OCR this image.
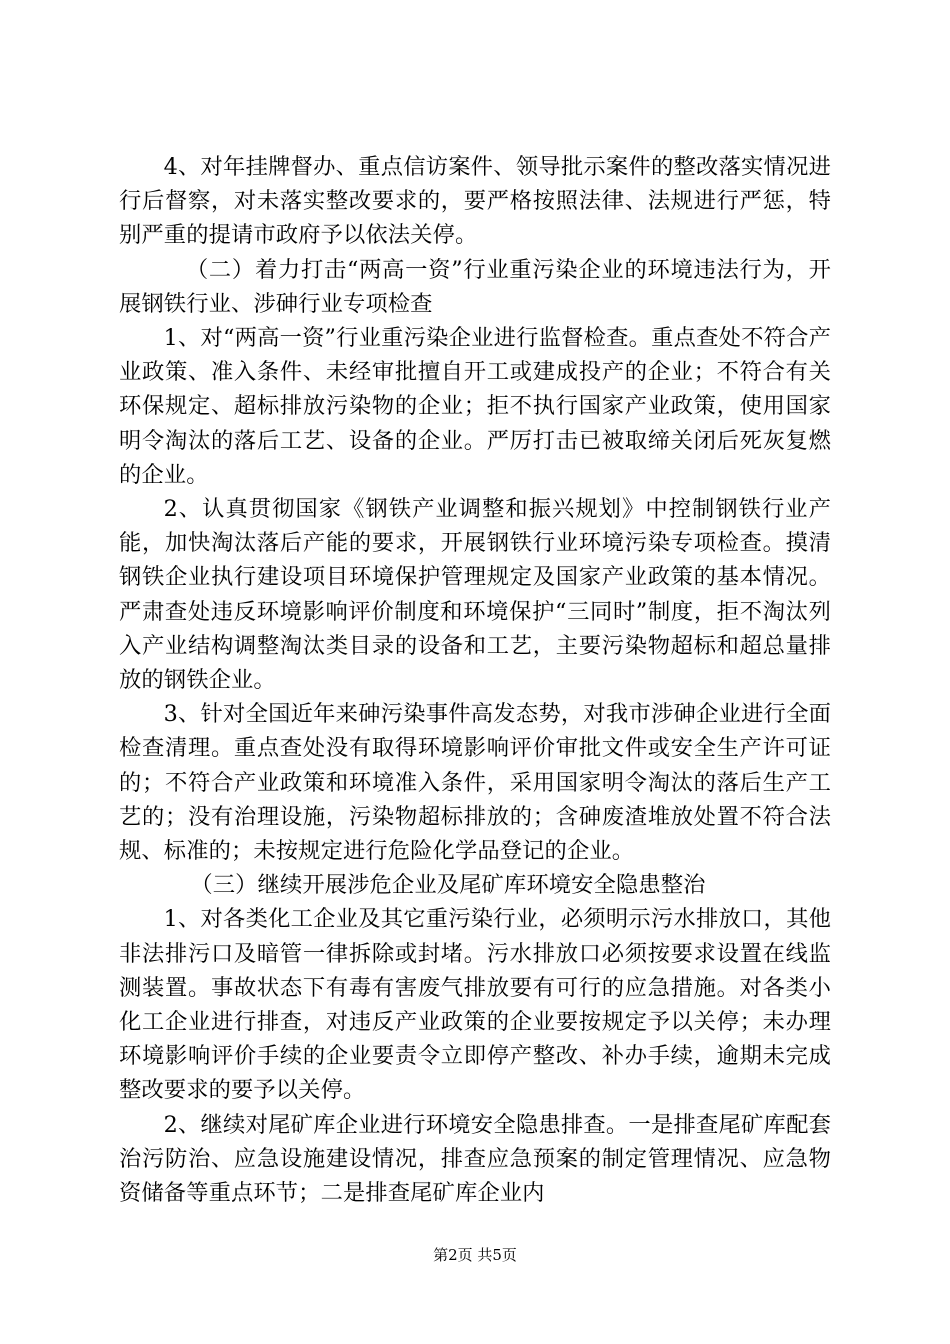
4、对年挂牌督办、重点信访案件、领导批示案件的整改落实情况进行后督察，对未落实整改要求的，要严格按照法律、法规进行严惩，特别严重的提请市政府予以依法关停。

（二）着力打击“两高一资”行业重污染企业的环境违法行为，开展钢铁行业、涉砷行业专项检查

1、对“两高一资”行业重污染企业进行监督检查。重点查处不符合产业政策、准入条件、未经审批擅自开工或建成投产的企业；不符合有关环保规定、超标排放污染物的企业；拒不执行国家产业政策，使用国家明令淘汰的落后工艺、设备的企业。严厉打击已被取缔关闭后死灰复燃的企业。

2、认真贯彻国家《钢铁产业调整和振兴规划》中控制钢铁行业产能，加快淘汰落后产能的要求，开展钢铁行业环境污染专项检查。摸清钢铁企业执行建设项目环境保护管理规定及国家产业政策的基本情况。严肃查处违反环境影响评价制度和环境保护“三同时”制度，拒不淘汰列入产业结构调整淘汰类目录的设备和工艺，主要污染物超标和超总量排放的钢铁企业。

3、针对全国近年来砷污染事件高发态势，对我市涉砷企业进行全面检查清理。重点查处没有取得环境影响评价审批文件或安全生产许可证的；不符合产业政策和环境准入条件，采用国家明令淘汰的落后生产工艺的；没有治理设施，污染物超标排放的；含砷废渣堆放处置不符合法规、标准的；未按规定进行危险化学品登记的企业。

（三）继续开展涉危企业及尾矿库环境安全隐患整治

1、对各类化工企业及其它重污染行业，必须明示污水排放口，其他非法排污口及暗管一律拆除或封堵。污水排放口必须按要求设置在线监测装置。事故状态下有毒有害废气排放要有可行的应急措施。对各类小化工企业进行排查，对违反产业政策的企业要按规定予以关停；未办理环境影响评价手续的企业要责令立即停产整改、补办手续，逾期未完成整改要求的要予以关停。

2、继续对尾矿库企业进行环境安全隐患排查。一是排查尾矿库配套治污防治、应急设施建设情况，排查应急预案的制定管理情况、应急物资储备等重点环节；二是排查尾矿库企业内

第2页 共5页
